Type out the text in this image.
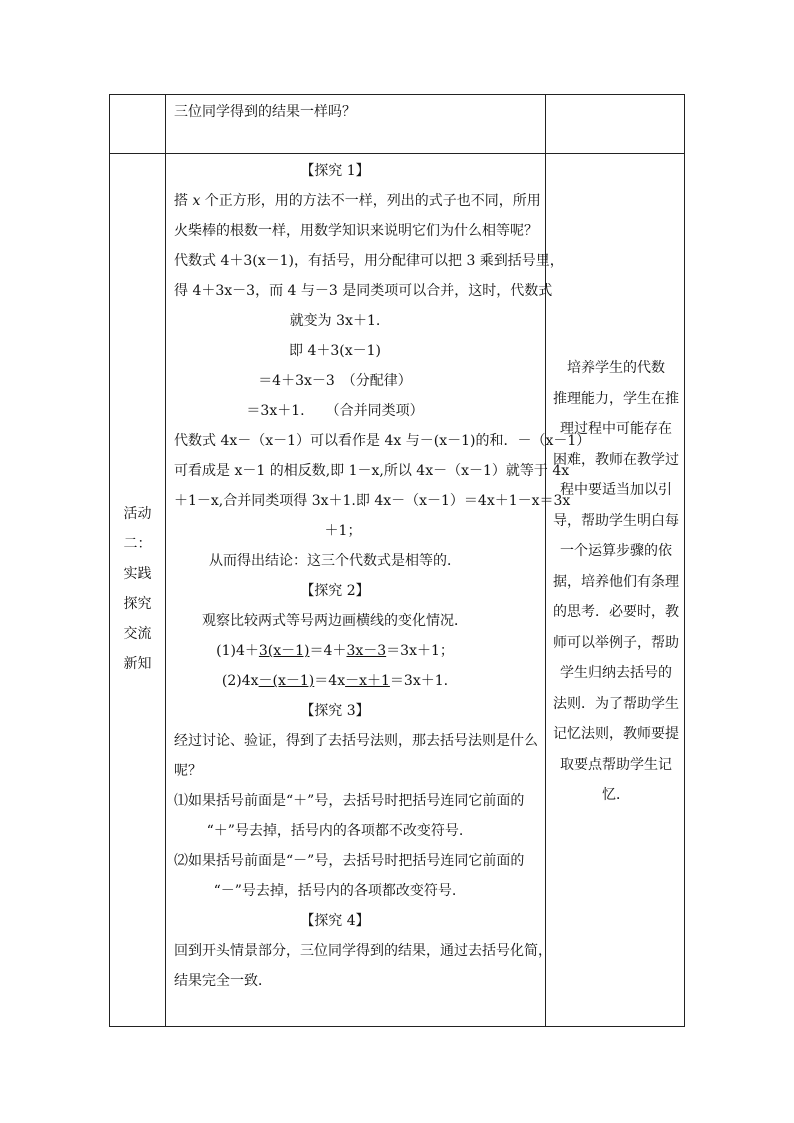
三位同学得到的结果一样吗？
活动
二：
实践
探究
交流
新知
【探究 1】
搭 x 个正方形，用的方法不一样，列出的式子也不同，所用
火柴棒的根数一样，用数学知识来说明它们为什么相等呢？
代数式 4＋3(x－1)，有括号，用分配律可以把 3 乘到括号里，
得 4＋3x－3，而 4 与－3 是同类项可以合并，这时，代数式
就变为 3x＋1.
即 4＋3(x－1)
＝4＋3x－3　（分配律）
＝3x＋1.　　（合并同类项）
代数式 4x－（x－1）可以看作是 4x 与－(x－1)的和．－（x－1）
可看成是 x－1 的相反数,即 1－x,所以 4x－（x－1）就等于 4x
＋1－x,合并同类项得 3x＋1.即 4x－（x－1）＝4x＋1－x＝3x
＋1；
从而得出结论：这三个代数式是相等的．
【探究 2】
观察比较两式等号两边画横线的变化情况．
(1)4＋3(x－1)＝4＋3x－3＝3x＋1；
(2)4x－(x－1)＝4x－x＋1＝3x＋1.
【探究 3】
经过讨论、验证，得到了去括号法则，那去括号法则是什么
呢？
⑴如果括号前面是“＋”号，去括号时把括号连同它前面的
“＋”号去掉，括号内的各项都不改变符号.
⑵如果括号前面是“－”号，去括号时把括号连同它前面的
“－”号去掉，括号内的各项都改变符号.
【探究 4】
回到开头情景部分，三位同学得到的结果，通过去括号化简，
结果完全一致．
培养学生的代数
推理能力，学生在推
理过程中可能存在
困难，教师在教学过
程中要适当加以引
导，帮助学生明白每
一个运算步骤的依
据，培养他们有条理
的思考．必要时，教
师可以举例子，帮助
学生归纳去括号的
法则．为了帮助学生
记忆法则，教师要提
取要点帮助学生记
忆．
